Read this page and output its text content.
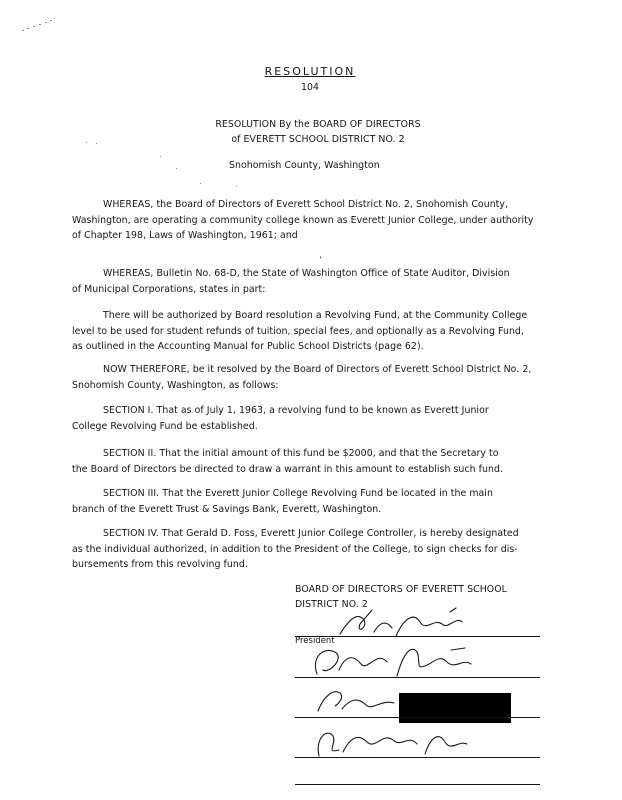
RESOLUTION
104
RESOLUTION By the BOARD OF DIRECTORS
of EVERETT SCHOOL DISTRICT NO. 2
Snohomish County, Washington

WHEREAS, the Board of Directors of Everett School District No. 2, Snohomish County,

Washington, are operating a community college known as Everett Junior College, under authority

of Chapter 198, Laws of Washington, 1961; and

WHEREAS, Bulletin No. 68-D, the State of Washington Office of State Auditor, Division

of Municipal Corporations, states in part:

There will be authorized by Board resolution a Revolving Fund, at the Community College

level to be used for student refunds of tuition, special fees, and optionally as a Revolving Fund,

as outlined in the Accounting Manual for Public School Districts (page 62).

NOW THEREFORE, be it resolved by the Board of Directors of Everett School District No. 2,

Snohomish County, Washington, as follows:

SECTION I. That as of July 1, 1963, a revolving fund to be known as Everett Junior

College Revolving Fund be established.

SECTION II. That the initial amount of this fund be $2000, and that the Secretary to

the Board of Directors be directed to draw a warrant in this amount to establish such fund.

SECTION III. That the Everett Junior College Revolving Fund be located in the main

branch of the Everett Trust & Savings Bank, Everett, Washington.

SECTION IV. That Gerald D. Foss, Everett Junior College Controller, is hereby designated

as the individual authorized, in addition to the President of the College, to sign checks for dis-

bursements from this revolving fund.

BOARD OF DIRECTORS OF EVERETT SCHOOL
DISTRICT NO. 2
President
